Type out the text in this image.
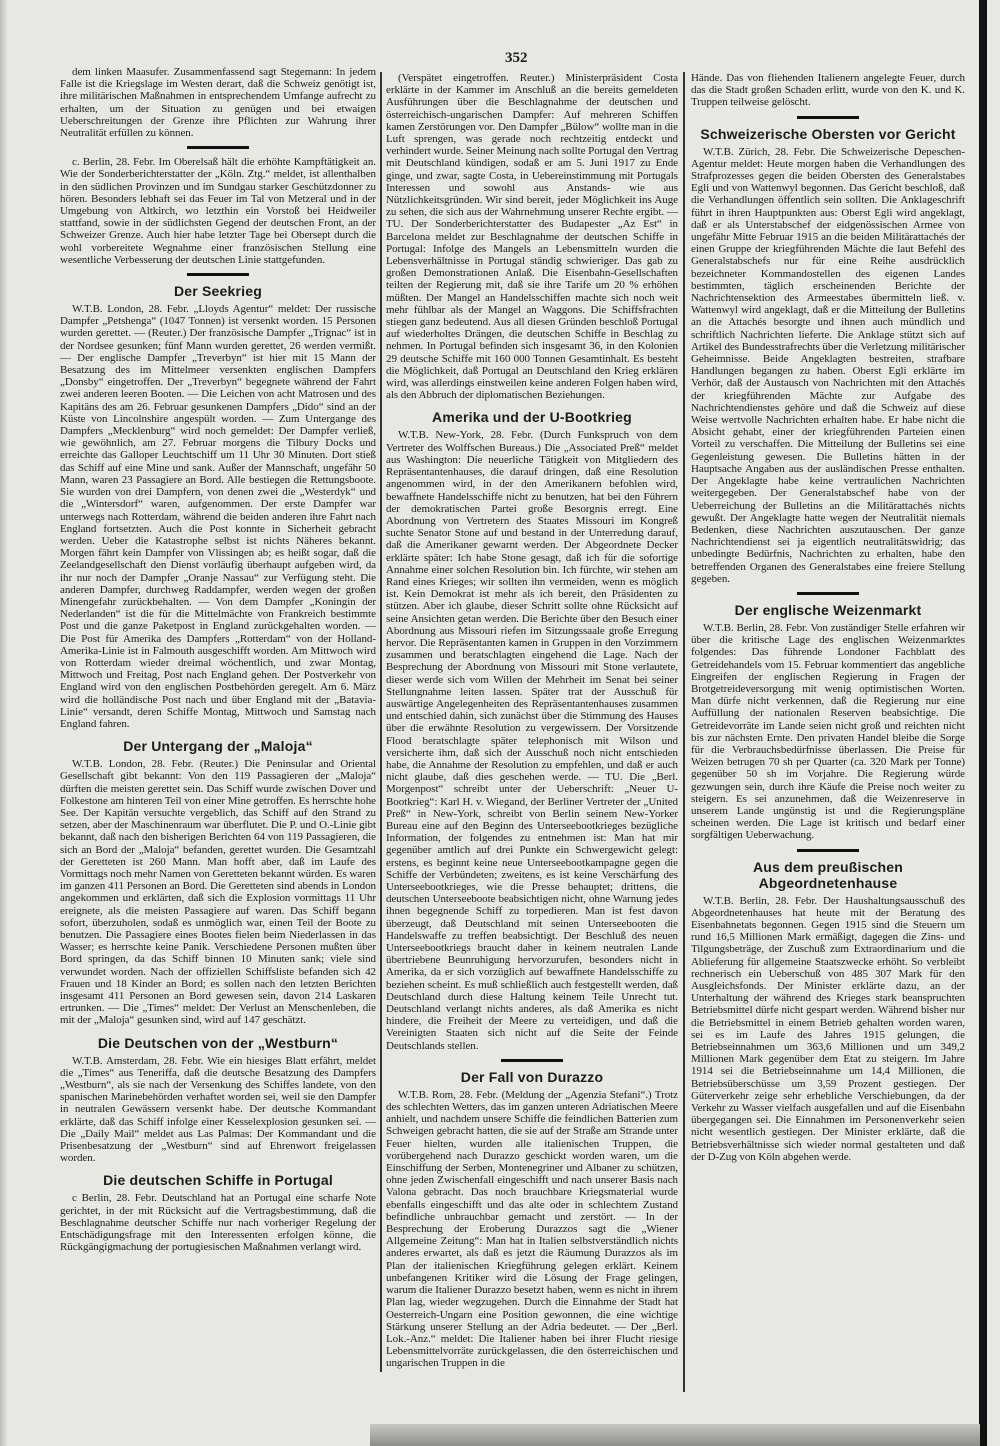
352

dem linken Maasufer. Zusammenfassend sagt Stegemann: In jedem Falle ist die Kriegslage im Westen derart, daß die Schweiz genötigt ist, ihre militärischen Maßnahmen in entsprechendem Umfange aufrecht zu erhalten, um der Situation zu genügen und bei etwaigen Ueberschreitungen der Grenze ihre Pflichten zur Wahrung ihrer Neutralität erfüllen zu können.

c. Berlin, 28. Febr. Im Oberelsaß hält die erhöhte Kampftätigkeit an. Wie der Sonderberichterstatter der „Köln. Ztg.“ meldet, ist allenthalben in den südlichen Provinzen und im Sundgau starker Geschützdonner zu hören. Besonders lebhaft sei das Feuer im Tal von Metzeral und in der Umgebung von Altkirch, wo letzthin ein Vorstoß bei Heidweiler stattfand, sowie in der südlichsten Gegend der deutschen Front, an der Schweizer Grenze. Auch hier habe letzter Tage bei Obersept durch die wohl vorbereitete Wegnahme einer französischen Stellung eine wesentliche Verbesserung der deutschen Linie stattgefunden.

Der Seekrieg

W.T.B. London, 28. Febr. „Lloyds Agentur“ meldet: Der russische Dampfer „Petshenga“ (1047 Tonnen) ist versenkt worden. 15 Personen wurden gerettet. — (Reuter.) Der französische Dampfer „Trignac“ ist in der Nordsee gesunken; fünf Mann wurden gerettet, 26 werden vermißt. — Der englische Dampfer „Treverbyn“ ist hier mit 15 Mann der Besatzung des im Mittelmeer versenkten englischen Dampfers „Donsby“ eingetroffen. Der „Treverbyn“ begegnete während der Fahrt zwei anderen leeren Booten. — Die Leichen von acht Matrosen und des Kapitäns des am 26. Februar gesunkenen Dampfers „Dido“ sind an der Küste von Lincolnshire angespült worden. — Zum Untergange des Dampfers „Mecklenburg“ wird noch gemeldet: Der Dampfer verließ, wie gewöhnlich, am 27. Februar morgens die Tilbury Docks und erreichte das Galloper Leuchtschiff um 11 Uhr 30 Minuten. Dort stieß das Schiff auf eine Mine und sank. Außer der Mannschaft, ungefähr 50 Mann, waren 23 Passagiere an Bord. Alle bestiegen die Rettungsboote. Sie wurden von drei Dampfern, von denen zwei die „Westerdyk“ und die „Wintersdorf“ waren, aufgenommen. Der erste Dampfer war unterwegs nach Rotterdam, während die beiden anderen ihre Fahrt nach England fortsetzten. Auch die Post konnte in Sicherheit gebracht werden. Ueber die Katastrophe selbst ist nichts Näheres bekannt. Morgen fährt kein Dampfer von Vlissingen ab; es heißt sogar, daß die Zeelandgesellschaft den Dienst vorläufig überhaupt aufgeben wird, da ihr nur noch der Dampfer „Oranje Nassau“ zur Verfügung steht. Die anderen Dampfer, durchweg Raddampfer, werden wegen der großen Minengefahr zurückbehalten. — Von dem Dampfer „Koningin der Nederlanden“ ist die für die Mittelmächte von Frankreich bestimmte Post und die ganze Paketpost in England zurückgehalten worden. — Die Post für Amerika des Dampfers „Rotterdam“ von der Holland-Amerika-Linie ist in Falmouth ausgeschifft worden. Am Mittwoch wird von Rotterdam wieder dreimal wöchentlich, und zwar Montag, Mittwoch und Freitag, Post nach England gehen. Der Postverkehr von England wird von den englischen Postbehörden geregelt. Am 6. März wird die holländische Post nach und über England mit der „Batavia-Linie“ versandt, deren Schiffe Montag, Mittwoch und Samstag nach England fahren.

Der Untergang der „Maloja“

W.T.B. London, 28. Febr. (Reuter.) Die Peninsular and Oriental Gesellschaft gibt bekannt: Von den 119 Passagieren der „Maloja“ dürften die meisten gerettet sein. Das Schiff wurde zwischen Dover und Folkestone am hinteren Teil von einer Mine getroffen. Es herrschte hohe See. Der Kapitän versuchte vergeblich, das Schiff auf den Strand zu setzen, aber der Maschinenraum war überflutet. Die P. und O.-Linie gibt bekannt, daß nach den bisherigen Berichten 64 von 119 Passagieren, die sich an Bord der „Maloja“ befanden, gerettet wurden. Die Gesamtzahl der Geretteten ist 260 Mann. Man hofft aber, daß im Laufe des Vormittags noch mehr Namen von Geretteten bekannt würden. Es waren im ganzen 411 Personen an Bord. Die Geretteten sind abends in London angekommen und erklärten, daß sich die Explosion vormittags 11 Uhr ereignete, als die meisten Passagiere auf waren. Das Schiff begann sofort, überzuholen, sodaß es unmöglich war, einen Teil der Boote zu benutzen. Die Passagiere eines Bootes fielen beim Niederlassen in das Wasser; es herrschte keine Panik. Verschiedene Personen mußten über Bord springen, da das Schiff binnen 10 Minuten sank; viele sind verwundet worden. Nach der offiziellen Schiffsliste befanden sich 42 Frauen und 18 Kinder an Bord; es sollen nach den letzten Berichten insgesamt 411 Personen an Bord gewesen sein, davon 214 Laskaren ertrunken. — Die „Times“ meldet: Der Verlust an Menschenleben, die mit der „Maloja“ gesunken sind, wird auf 147 geschätzt.

Die Deutschen von der „Westburn“

W.T.B. Amsterdam, 28. Febr. Wie ein hiesiges Blatt erfährt, meldet die „Times“ aus Teneriffa, daß die deutsche Besatzung des Dampfers „Westburn“, als sie nach der Versenkung des Schiffes landete, von den spanischen Marinebehörden verhaftet worden sei, weil sie den Dampfer in neutralen Gewässern versenkt habe. Der deutsche Kommandant erklärte, daß das Schiff infolge einer Kesselexplosion gesunken sei. — Die „Daily Mail“ meldet aus Las Palmas: Der Kommandant und die Prisenbesatzung der „Westburn“ sind auf Ehrenwort freigelassen worden.

Die deutschen Schiffe in Portugal

c Berlin, 28. Febr. Deutschland hat an Portugal eine scharfe Note gerichtet, in der mit Rücksicht auf die Vertragsbestimmung, daß die Beschlagnahme deutscher Schiffe nur nach vorheriger Regelung der Entschädigungsfrage mit den Interessenten erfolgen könne, die Rückgängigmachung der portugiesischen Maßnahmen verlangt wird.

(Verspätet eingetroffen. Reuter.) Ministerpräsident Costa erklärte in der Kammer im Anschluß an die bereits gemeldeten Ausführungen über die Beschlagnahme der deutschen und österreichisch-ungarischen Dampfer: Auf mehreren Schiffen kamen Zerstörungen vor. Den Dampfer „Bülow“ wollte man in die Luft sprengen, was gerade noch rechtzeitig entdeckt und verhindert wurde. Seiner Meinung nach sollte Portugal den Vertrag mit Deutschland kündigen, sodaß er am 5. Juni 1917 zu Ende ginge, und zwar, sagte Costa, in Uebereinstimmung mit Portugals Interessen und sowohl aus Anstands- wie aus Nützlichkeitsgründen. Wir sind bereit, jeder Möglichkeit ins Auge zu sehen, die sich aus der Wahrnehmung unserer Rechte ergibt. — TU. Der Sonderberichterstatter des Budapester „Az Est“ in Barcelona meldet zur Beschlagnahme der deutschen Schiffe in Portugal: Infolge des Mangels an Lebensmitteln wurden die Lebensverhältnisse in Portugal ständig schwieriger. Das gab zu großen Demonstrationen Anlaß. Die Eisenbahn-Gesellschaften teilten der Regierung mit, daß sie ihre Tarife um 20 % erhöhen müßten. Der Mangel an Handelsschiffen machte sich noch weit mehr fühlbar als der Mangel an Waggons. Die Schiffsfrachten stiegen ganz bedeutend. Aus all diesen Gründen beschloß Portugal auf wiederholtes Drängen, die deutschen Schiffe in Beschlag zu nehmen. In Portugal befinden sich insgesamt 36, in den Kolonien 29 deutsche Schiffe mit 160 000 Tonnen Gesamtinhalt. Es besteht die Möglichkeit, daß Portugal an Deutschland den Krieg erklären wird, was allerdings einstweilen keine anderen Folgen haben wird, als den Abbruch der diplomatischen Beziehungen.

Amerika und der U-Bootkrieg

W.T.B. New-York, 28. Febr. (Durch Funkspruch von dem Vertreter des Wolffschen Bureaus.) Die „Associated Preß“ meldet aus Washington: Die neuerliche Tätigkeit von Mitgliedern des Repräsentantenhauses, die darauf dringen, daß eine Resolution angenommen wird, in der den Amerikanern befohlen wird, bewaffnete Handelsschiffe nicht zu benutzen, hat bei den Führern der demokratischen Partei große Besorgnis erregt. Eine Abordnung von Vertretern des Staates Missouri im Kongreß suchte Senator Stone auf und bestand in der Unterredung darauf, daß die Amerikaner gewarnt werden. Der Abgeordnete Decker erklärte später: Ich habe Stone gesagt, daß ich für die sofortige Annahme einer solchen Resolution bin. Ich fürchte, wir stehen am Rand eines Krieges; wir sollten ihn vermeiden, wenn es möglich ist. Kein Demokrat ist mehr als ich bereit, den Präsidenten zu stützen. Aber ich glaube, dieser Schritt sollte ohne Rücksicht auf seine Ansichten getan werden. Die Berichte über den Besuch einer Abordnung aus Missouri riefen im Sitzungssaale große Erregung hervor. Die Repräsentanten kamen in Gruppen in den Vorzimmern zusammen und beratschlagten eingehend die Lage. Nach der Besprechung der Abordnung von Missouri mit Stone verlautete, dieser werde sich vom Willen der Mehrheit im Senat bei seiner Stellungnahme leiten lassen. Später trat der Ausschuß für auswärtige Angelegenheiten des Repräsentantenhauses zusammen und entschied dahin, sich zunächst über die Stimmung des Hauses über die erwähnte Resolution zu vergewissern. Der Vorsitzende Flood beratschlagte später telephonisch mit Wilson und versicherte ihm, daß sich der Ausschuß noch nicht entschieden habe, die Annahme der Resolution zu empfehlen, und daß er auch nicht glaube, daß dies geschehen werde. — TU. Die „Berl. Morgenpost“ schreibt unter der Ueberschrift: „Neuer U-Bootkrieg“: Karl H. v. Wiegand, der Berliner Vertreter der „United Preß“ in New-York, schreibt von Berlin seinem New-Yorker Bureau eine auf den Beginn des Unterseebootkrieges bezügliche Information, der folgendes zu entnehmen ist: Man hat mir gegenüber amtlich auf drei Punkte ein Schwergewicht gelegt: erstens, es beginnt keine neue Unterseebootkampagne gegen die Schiffe der Verbündeten; zweitens, es ist keine Verschärfung des Unterseebootkrieges, wie die Presse behauptet; drittens, die deutschen Unterseeboote beabsichtigen nicht, ohne Warnung jedes ihnen begegnende Schiff zu torpedieren. Man ist fest davon überzeugt, daß Deutschland mit seinen Unterseebooten die Handelswaffe zu treffen beabsichtigt. Der Beschluß des neuen Unterseebootkriegs braucht daher in keinem neutralen Lande übertriebene Beunruhigung hervorzurufen, besonders nicht in Amerika, da er sich vorzüglich auf bewaffnete Handelsschiffe zu beziehen scheint. Es muß schließlich auch festgestellt werden, daß Deutschland durch diese Haltung keinem Teile Unrecht tut. Deutschland verlangt nichts anderes, als daß Amerika es nicht hindere, die Freiheit der Meere zu verteidigen, und daß die Vereinigten Staaten sich nicht auf die Seite der Feinde Deutschlands stellen.

Der Fall von Durazzo

W.T.B. Rom, 28. Febr. (Meldung der „Agenzia Stefani“.) Trotz des schlechten Wetters, das im ganzen unteren Adriatischen Meere anhielt, und nachdem unsere Schiffe die feindlichen Batterien zum Schweigen gebracht hatten, die sie auf der Straße am Strande unter Feuer hielten, wurden alle italienischen Truppen, die vorübergehend nach Durazzo geschickt worden waren, um die Einschiffung der Serben, Montenegriner und Albaner zu schützen, ohne jeden Zwischenfall eingeschifft und nach unserer Basis nach Valona gebracht. Das noch brauchbare Kriegsmaterial wurde ebenfalls eingeschifft und das alte oder in schlechtem Zustand befindliche unbrauchbar gemacht und zerstört. — In der Besprechung der Eroberung Durazzos sagt die „Wiener Allgemeine Zeitung“: Man hat in Italien selbstverständlich nichts anderes erwartet, als daß es jetzt die Räumung Durazzos als im Plan der italienischen Kriegführung gelegen erklärt. Keinem unbefangenen Kritiker wird die Lösung der Frage gelingen, warum die Italiener Durazzo besetzt haben, wenn es nicht in ihrem Plan lag, wieder wegzugehen. Durch die Einnahme der Stadt hat Oesterreich-Ungarn eine Position gewonnen, die eine wichtige Stärkung unserer Stellung an der Adria bedeutet. — Der „Berl. Lok.-Anz.“ meldet: Die Italiener haben bei ihrer Flucht riesige Lebensmittelvorräte zurückgelassen, die den österreichischen und ungarischen Truppen in die

Hände. Das von fliehenden Italienern angelegte Feuer, durch das die Stadt großen Schaden erlitt, wurde von den K. und K. Truppen teilweise gelöscht.

Schweizerische Obersten vor Gericht

W.T.B. Zürich, 28. Febr. Die Schweizerische Depeschen-Agentur meldet: Heute morgen haben die Verhandlungen des Strafprozesses gegen die beiden Obersten des Generalstabes Egli und von Wattenwyl begonnen. Das Gericht beschloß, daß die Verhandlungen öffentlich sein sollten. Die Anklageschrift führt in ihren Hauptpunkten aus: Oberst Egli wird angeklagt, daß er als Unterstabschef der eidgenössischen Armee von ungefähr Mitte Februar 1915 an die beiden Militärattachés der einen Gruppe der kriegführenden Mächte die laut Befehl des Generalstabschefs nur für eine Reihe ausdrücklich bezeichneter Kommandostellen des eigenen Landes bestimmten, täglich erscheinenden Berichte der Nachrichtensektion des Armeestabes übermitteln ließ. v. Wattenwyl wird angeklagt, daß er die Mitteilung der Bulletins an die Attachés besorgte und ihnen auch mündlich und schriftlich Nachrichten lieferte. Die Anklage stützt sich auf Artikel des Bundesstrafrechts über die Verletzung militärischer Geheimnisse. Beide Angeklagten bestreiten, strafbare Handlungen begangen zu haben. Oberst Egli erklärte im Verhör, daß der Austausch von Nachrichten mit den Attachés der kriegführenden Mächte zur Aufgabe des Nachrichtendienstes gehöre und daß die Schweiz auf diese Weise wertvolle Nachrichten erhalten habe. Er habe nicht die Absicht gehabt, einer der kriegführenden Parteien einen Vorteil zu verschaffen. Die Mitteilung der Bulletins sei eine Gegenleistung gewesen. Die Bulletins hätten in der Hauptsache Angaben aus der ausländischen Presse enthalten. Der Angeklagte habe keine vertraulichen Nachrichten weitergegeben. Der Generalstabschef habe von der Ueberreichung der Bulletins an die Militärattachés nichts gewußt. Der Angeklagte hatte wegen der Neutralität niemals Bedenken, diese Nachrichten auszutauschen. Der ganze Nachrichtendienst sei ja eigentlich neutralitätswidrig; das unbedingte Bedürfnis, Nachrichten zu erhalten, habe den betreffenden Organen des Generalstabes eine freiere Stellung gegeben.

Der englische Weizenmarkt

W.T.B. Berlin, 28. Febr. Von zuständiger Stelle erfahren wir über die kritische Lage des englischen Weizenmarktes folgendes: Das führende Londoner Fachblatt des Getreidehandels vom 15. Februar kommentiert das angebliche Eingreifen der englischen Regierung in Fragen der Brotgetreideversorgung mit wenig optimistischen Worten. Man dürfe nicht verkennen, daß die Regierung nur eine Auffüllung der nationalen Reserven beabsichtige. Die Getreidevorräte im Lande seien nicht groß und reichten nicht bis zur nächsten Ernte. Den privaten Handel bleibe die Sorge für die Verbrauchsbedürfnisse überlassen. Die Preise für Weizen betrugen 70 sh per Quarter (ca. 320 Mark per Tonne) gegenüber 50 sh im Vorjahre. Die Regierung würde gezwungen sein, durch ihre Käufe die Preise noch weiter zu steigern. Es sei anzunehmen, daß die Weizenreserve in unserem Lande ungünstig ist und die Regierungspläne scheinen werden. Die Lage ist kritisch und bedarf einer sorgfältigen Ueberwachung.

Aus dem preußischen Abgeordnetenhause

W.T.B. Berlin, 28. Febr. Der Haushaltungsausschuß des Abgeordnetenhauses hat heute mit der Beratung des Eisenbahnetats begonnen. Gegen 1915 sind die Steuern um rund 16,5 Millionen Mark ermäßigt, dagegen die Zins- und Tilgungsbeträge, der Zuschuß zum Extraordinarium und die Ablieferung für allgemeine Staatszwecke erhöht. So verbleibt rechnerisch ein Ueberschuß von 485 307 Mark für den Ausgleichsfonds. Der Minister erklärte dazu, an der Unterhaltung der während des Krieges stark beanspruchten Betriebsmittel dürfe nicht gespart werden. Während bisher nur die Betriebsmittel in einem Betrieb gehalten worden waren, sei es im Laufe des Jahres 1915 gelungen, die Betriebseinnahmen um 363,6 Millionen und um 349,2 Millionen Mark gegenüber dem Etat zu steigern. Im Jahre 1914 sei die Betriebseinnahme um 14,4 Millionen, die Betriebsüberschüsse um 3,59 Prozent gestiegen. Der Güterverkehr zeige sehr erhebliche Verschiebungen, da der Verkehr zu Wasser vielfach ausgefallen und auf die Eisenbahn übergegangen sei. Die Einnahmen im Personenverkehr seien nicht wesentlich gestiegen. Der Minister erklärte, daß die Betriebsverhältnisse sich wieder normal gestalteten und daß der D-Zug von Köln abgehen werde.
